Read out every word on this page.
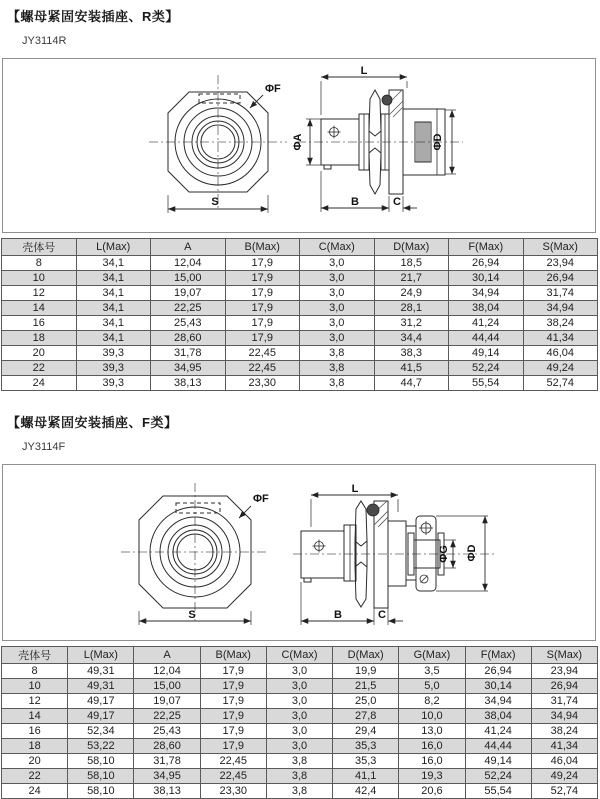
【螺母紧固安装插座、R类】
JY3114R
ΦF
S
L
ΦA	ΦD
B	C
壳体号	L(Max)	A	B(Max)	C(Max)	D(Max)	F(Max)	S(Max)
8	34,1	12,04	17,9	3,0	18,5	26,94	23,94
10	34,1	15,00	17,9	3,0	21,7	30,14	26,94
12	34,1	19,07	17,9	3,0	24,9	34,94	31,74
14	34,1	22,25	17,9	3,0	28,1	38,04	34,94
16	34,1	25,43	17,9	3,0	31,2	41,24	38,24
18	34,1	28,60	17,9	3,0	34,4	44,44	41,34
20	39,3	31,78	22,45	3,8	38,3	49,14	46,04
22	39,3	34,95	22,45	3,8	41,5	52,24	49,24
24	39,3	38,13	23,30	3,8	44,7	55,54	52,74
【螺母紧固安装插座、F类】
JY3114F
ΦF
S
L
ΦG ΦD
B	C
壳体号	L(Max)	A	B(Max)	C(Max)	D(Max)	G(Max)	F(Max)	S(Max)
8	49,31	12,04	17,9	3,0	19,9	3,5	26,94	23,94
10	49,31	15,00	17,9	3,0	21,5	5,0	30,14	26,94
12	49,17	19,07	17,9	3,0	25,0	8,2	34,94	31,74
14	49,17	22,25	17,9	3,0	27,8	10,0	38,04	34,94
16	52,34	25,43	17,9	3,0	29,4	13,0	41,24	38,24
18	53,22	28,60	17,9	3,0	35,3	16,0	44,44	41,34
20	58,10	31,78	22,45	3,8	35,3	16,0	49,14	46,04
22	58,10	34,95	22,45	3,8	41,1	19,3	52,24	49,24
24	58,10	38,13	23,30	3,8	42,4	20,6	55,54	52,74
